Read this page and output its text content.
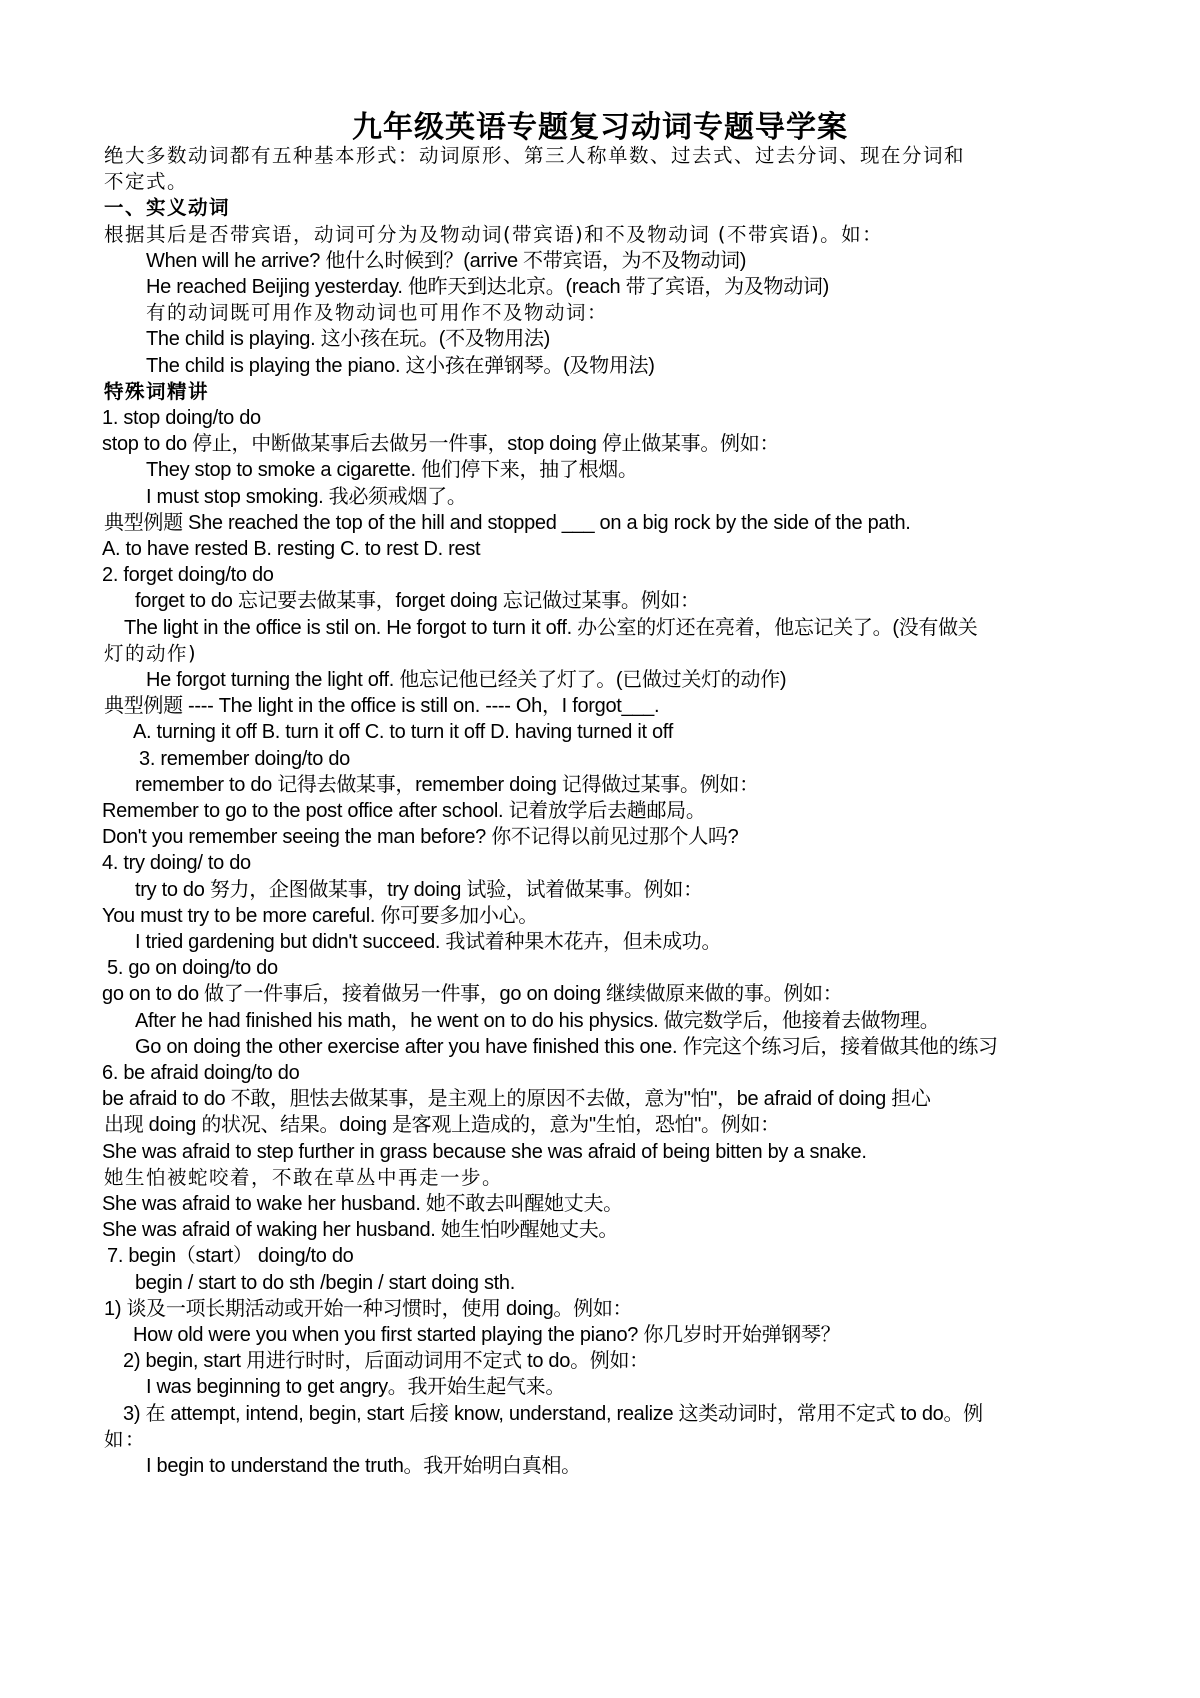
九年级英语专题复习动词专题导学案
绝大多数动词都有五种基本形式：动词原形、第三人称单数、过去式、过去分词、现在分词和
不定式。
一、实义动词
根据其后是否带宾语，动词可分为及物动词(带宾语)和不及物动词 (不带宾语)。如：
When will he arrive? 他什么时候到？(arrive 不带宾语，为不及物动词)
He reached Beijing yesterday. 他昨天到达北京。(reach 带了宾语，为及物动词)
有的动词既可用作及物动词也可用作不及物动词：
The child is playing. 这小孩在玩。(不及物用法)
The child is playing the piano. 这小孩在弹钢琴。(及物用法)
特殊词精讲
1. stop doing/to do
stop to do 停止，中断做某事后去做另一件事，stop doing 停止做某事。例如：
They stop to smoke a cigarette. 他们停下来，抽了根烟。
I must stop smoking. 我必须戒烟了。
典型例题 She reached the top of the hill and stopped ___ on a big rock by the side of the path.
A. to have rested B. resting C. to rest D. rest
2. forget doing/to do
forget to do 忘记要去做某事，forget doing 忘记做过某事。例如：
The light in the office is stil on. He forgot to turn it off. 办公室的灯还在亮着，他忘记关了。(没有做关
灯的动作)
He forgot turning the light off. 他忘记他已经关了灯了。(已做过关灯的动作)
典型例题 ---- The light in the office is still on. ---- Oh，I forgot___.
A. turning it off B. turn it off C. to turn it off D. having turned it off
3. remember doing/to do
remember to do 记得去做某事，remember doing 记得做过某事。例如：
Remember to go to the post office after school. 记着放学后去趟邮局。
Don't you remember seeing the man before? 你不记得以前见过那个人吗?
4. try doing/ to do
try to do 努力，企图做某事，try doing 试验，试着做某事。例如：
You must try to be more careful. 你可要多加小心。
I tried gardening but didn't succeed. 我试着种果木花卉，但未成功。
5. go on doing/to do
go on to do 做了一件事后，接着做另一件事，go on doing 继续做原来做的事。例如：
After he had finished his math，he went on to do his physics. 做完数学后，他接着去做物理。
Go on doing the other exercise after you have finished this one. 作完这个练习后，接着做其他的练习
6. be afraid doing/to do
be afraid to do 不敢，胆怯去做某事，是主观上的原因不去做，意为"怕"，be afraid of doing 担心
出现 doing 的状况、结果。doing 是客观上造成的，意为"生怕，恐怕"。例如：
She was afraid to step further in grass because she was afraid of being bitten by a snake.
她生怕被蛇咬着，不敢在草丛中再走一步。
She was afraid to wake her husband. 她不敢去叫醒她丈夫。
She was afraid of waking her husband. 她生怕吵醒她丈夫。
7. begin（start） doing/to do
begin / start to do sth /begin / start doing sth.
1) 谈及一项长期活动或开始一种习惯时，使用 doing。例如：
How old were you when you first started playing the piano? 你几岁时开始弹钢琴？
2) begin, start 用进行时时，后面动词用不定式 to do。例如：
I was beginning to get angry。我开始生起气来。
3) 在 attempt, intend, begin, start 后接 know, understand, realize 这类动词时，常用不定式 to do。例
如：
I begin to understand the truth。我开始明白真相。
